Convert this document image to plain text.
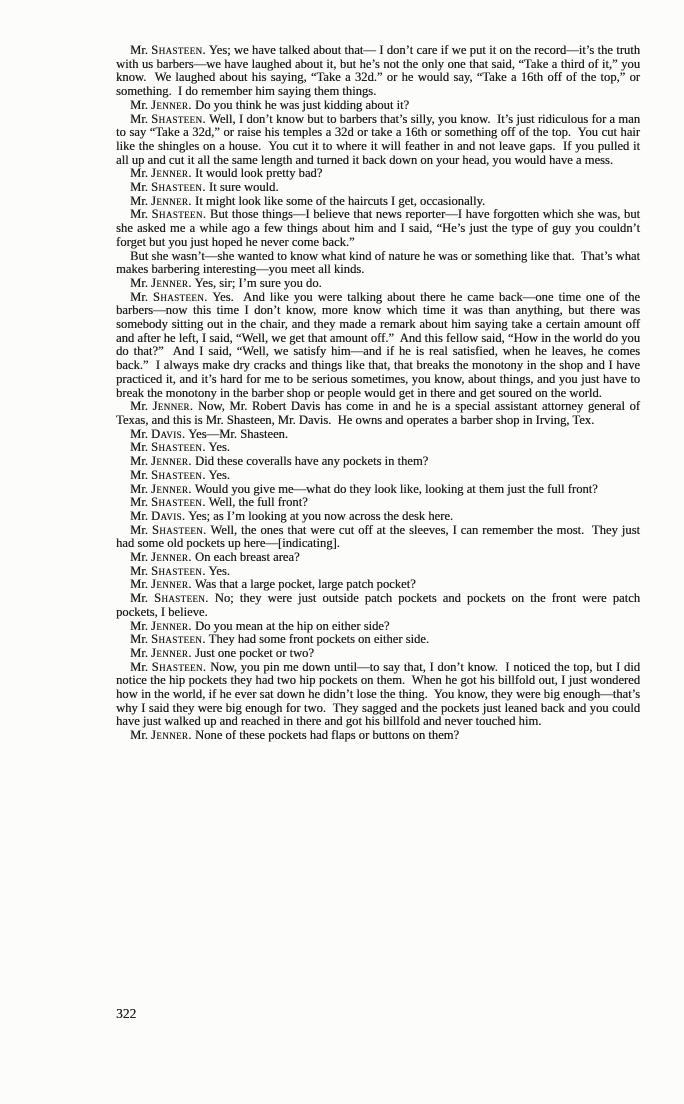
Mr. Shasteen. Yes; we have talked about that— I don’t care if we put it on the record—it’s the truth with us barbers—we have laughed about it, but he’s not the only one that said, “Take a third of it,” you know.  We laughed about his saying, “Take a 32d.” or he would say, “Take a 16th off of the top,” or something.  I do remember him saying them things.

Mr. Jenner. Do you think he was just kidding about it?

Mr. Shasteen. Well, I don’t know but to barbers that’s silly, you know.  It’s just ridiculous for a man to say “Take a 32d,” or raise his temples a 32d or take a 16th or something off of the top.  You cut hair like the shingles on a house.  You cut it to where it will feather in and not leave gaps.  If you pulled it all up and cut it all the same length and turned it back down on your head, you would have a mess.

Mr. Jenner. It would look pretty bad?

Mr. Shasteen. It sure would.

Mr. Jenner. It might look like some of the haircuts I get, occasionally.

Mr. Shasteen. But those things—I believe that news reporter—I have forgotten which she was, but she asked me a while ago a few things about him and I said, “He’s just the type of guy you couldn’t forget but you just hoped he never come back.”

But she wasn’t—she wanted to know what kind of nature he was or something like that.  That’s what makes barbering interesting—you meet all kinds.

Mr. Jenner. Yes, sir; I’m sure you do.

Mr. Shasteen. Yes.  And like you were talking about there he came back—one time one of the barbers—now this time I don’t know, more know which time it was than anything, but there was somebody sitting out in the chair, and they made a remark about him saying take a certain amount off and after he left, I said, “Well, we get that amount off.”  And this fellow said, “How in the world do you do that?”  And I said, “Well, we satisfy him—and if he is real satisfied, when he leaves, he comes back.”  I always make dry cracks and things like that, that breaks the monotony in the shop and I have practiced it, and it’s hard for me to be serious sometimes, you know, about things, and you just have to break the monotony in the barber shop or people would get in there and get soured on the world.

Mr. Jenner. Now, Mr. Robert Davis has come in and he is a special assistant attorney general of Texas, and this is Mr. Shasteen, Mr. Davis.  He owns and operates a barber shop in Irving, Tex.

Mr. Davis. Yes—Mr. Shasteen.

Mr. Shasteen. Yes.

Mr. Jenner. Did these coveralls have any pockets in them?

Mr. Shasteen. Yes.

Mr. Jenner. Would you give me—what do they look like, looking at them just the full front?

Mr. Shasteen. Well, the full front?

Mr. Davis. Yes; as I’m looking at you now across the desk here.

Mr. Shasteen. Well, the ones that were cut off at the sleeves, I can remember the most.  They just had some old pockets up here—[indicating].

Mr. Jenner. On each breast area?

Mr. Shasteen. Yes.

Mr. Jenner. Was that a large pocket, large patch pocket?

Mr. Shasteen. No; they were just outside patch pockets and pockets on the front were patch pockets, I believe.

Mr. Jenner. Do you mean at the hip on either side?

Mr. Shasteen. They had some front pockets on either side.

Mr. Jenner. Just one pocket or two?

Mr. Shasteen. Now, you pin me down until—to say that, I don’t know.  I noticed the top, but I did notice the hip pockets they had two hip pockets on them.  When he got his billfold out, I just wondered how in the world, if he ever sat down he didn’t lose the thing.  You know, they were big enough—that’s why I said they were big enough for two.  They sagged and the pockets just leaned back and you could have just walked up and reached in there and got his billfold and never touched him.

Mr. Jenner. None of these pockets had flaps or buttons on them?

322
